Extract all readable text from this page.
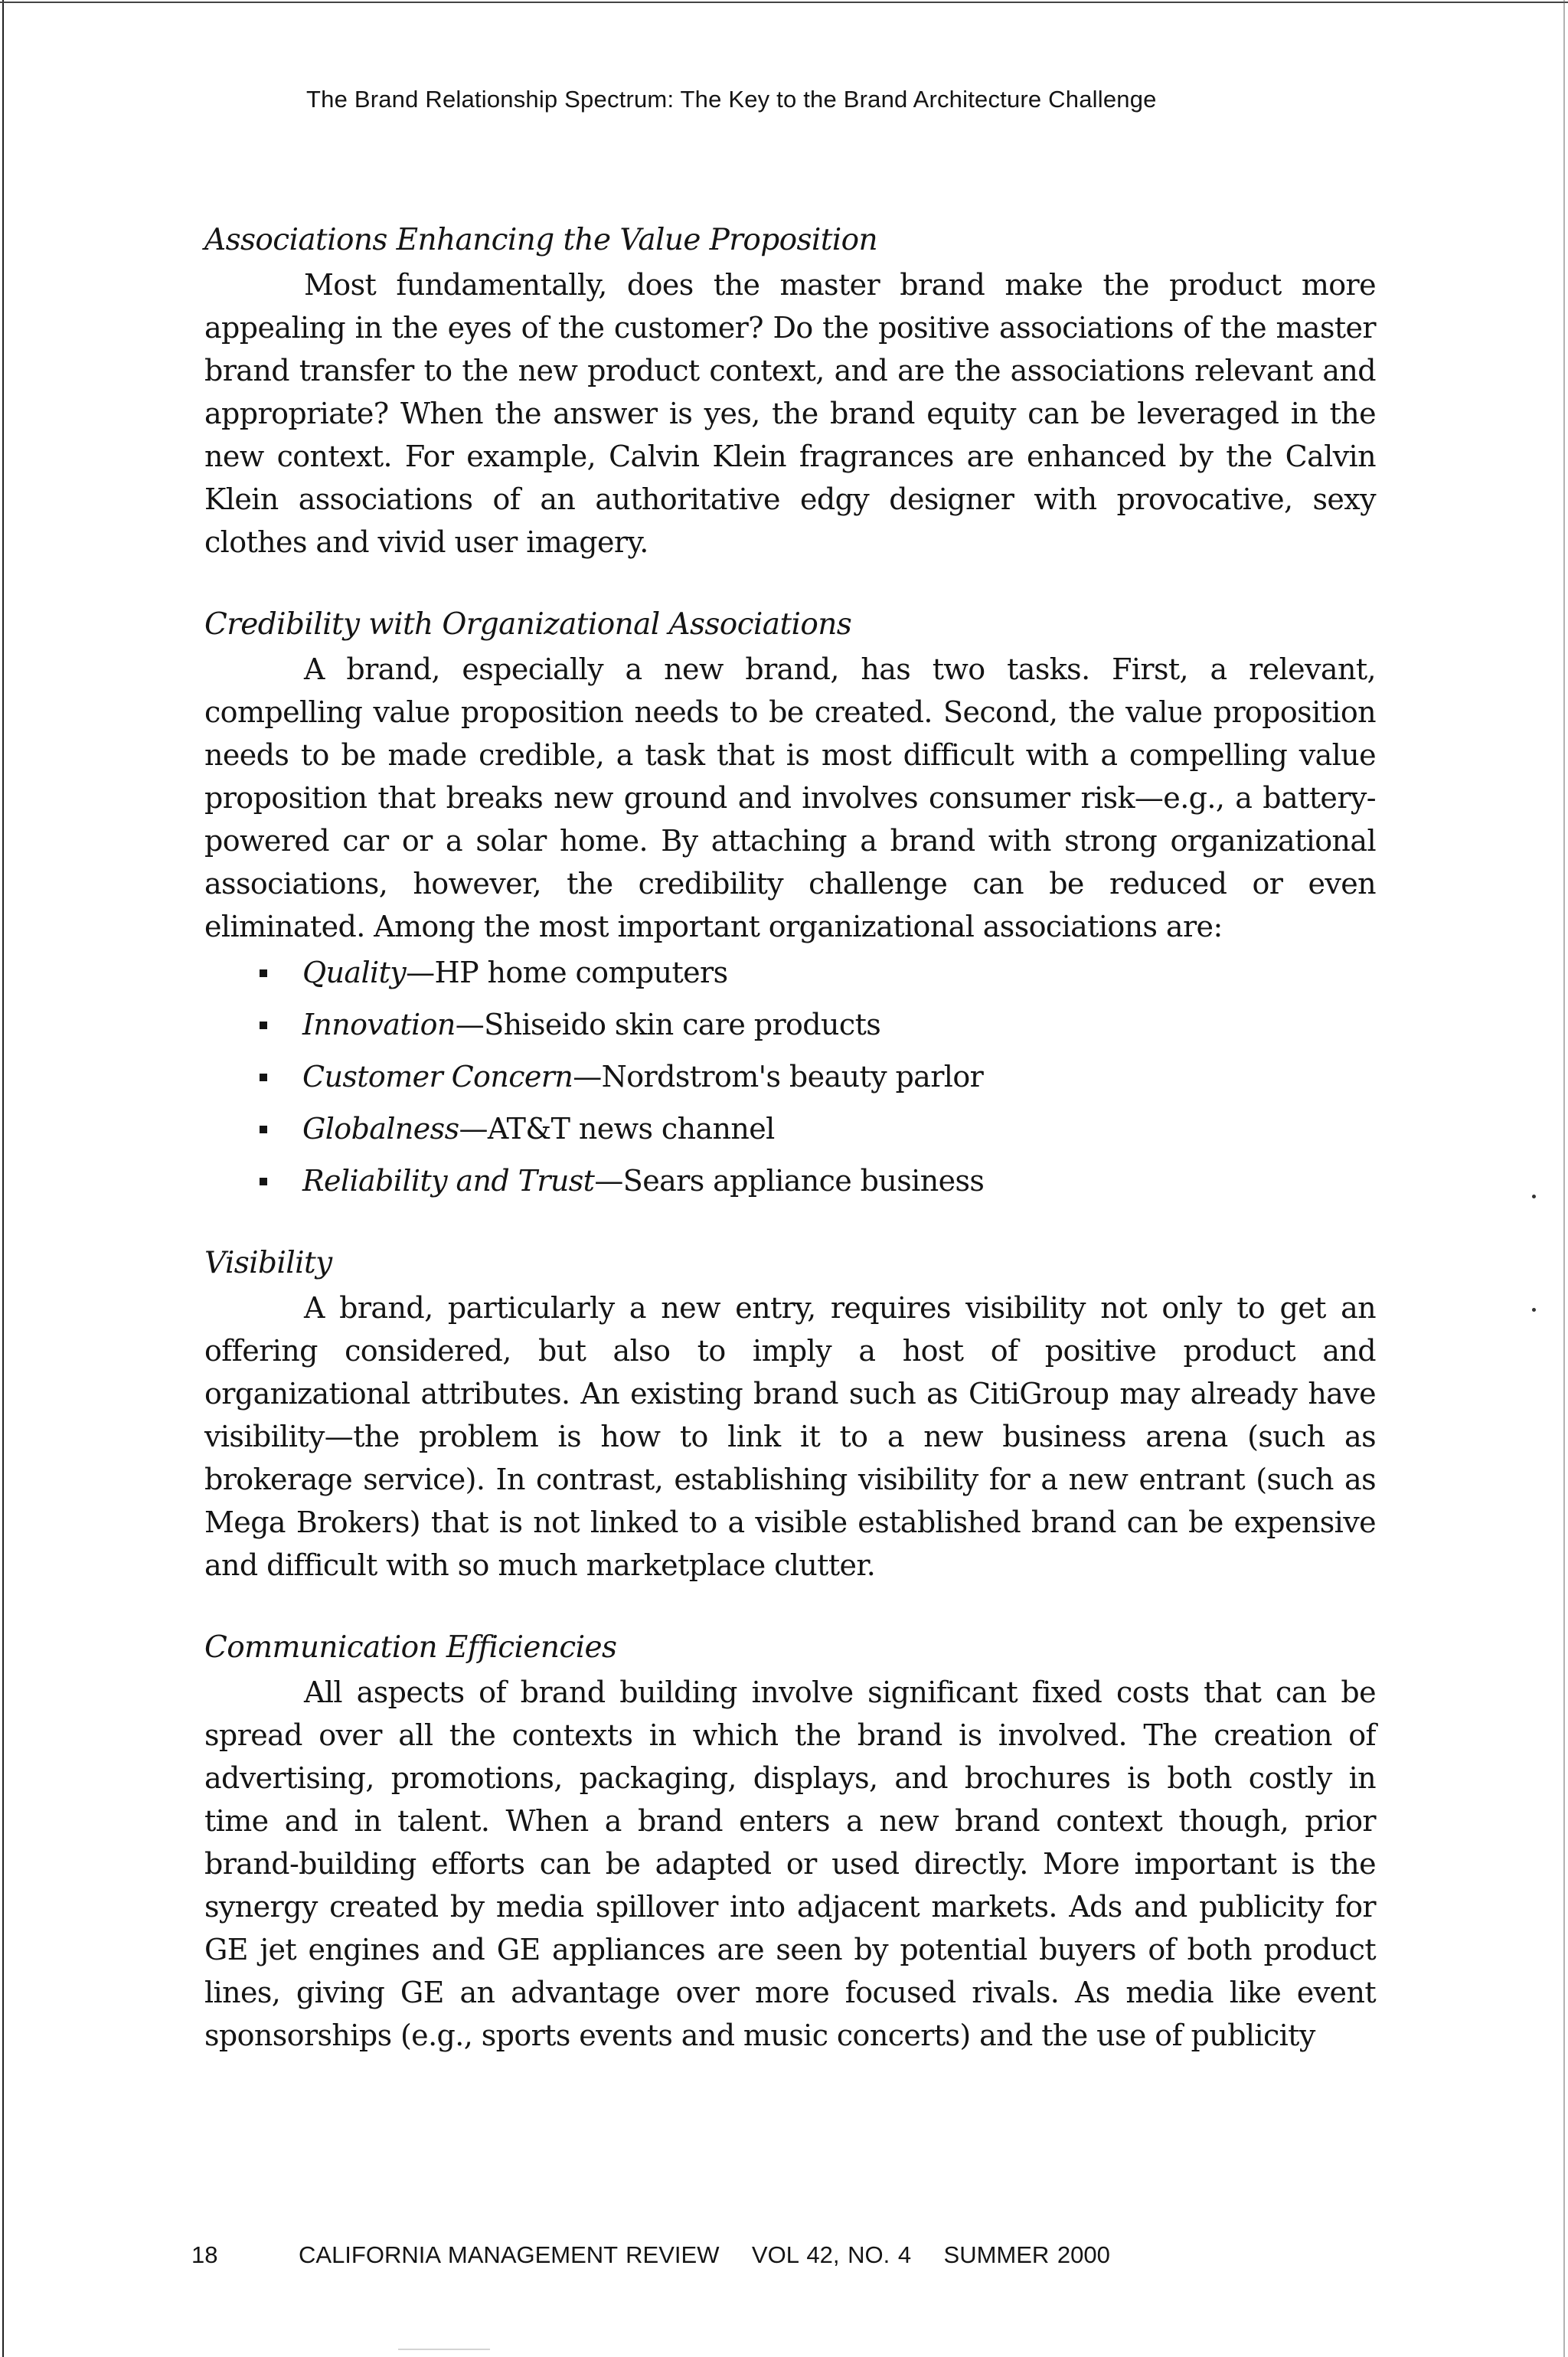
The Brand Relationship Spectrum: The Key to the Brand Architecture Challenge
Associations Enhancing the Value Proposition

Most fundamentally, does the master brand make the product more appealing in the eyes of the customer? Do the positive associations of the master brand transfer to the new product context, and are the associations relevant and appropriate? When the answer is yes, the brand equity can be leveraged in the new context. For example, Calvin Klein fragrances are enhanced by the Calvin Klein associations of an authoritative edgy designer with provocative, sexy clothes and vivid user imagery.

Credibility with Organizational Associations

A brand, especially a new brand, has two tasks. First, a relevant, compelling value proposition needs to be created. Second, the value proposition needs to be made credible, a task that is most difficult with a compelling value proposition that breaks new ground and involves consumer risk—e.g., a battery-powered car or a solar home. By attaching a brand with strong organizational associations, however, the credibility challenge can be reduced or even eliminated. Among the most important organizational associations are:

Quality—HP home computers
Innovation—Shiseido skin care products
Customer Concern—Nordstrom's beauty parlor
Globalness—AT&T news channel
Reliability and Trust—Sears appliance business
Visibility

A brand, particularly a new entry, requires visibility not only to get an offering considered, but also to imply a host of positive product and organizational attributes. An existing brand such as CitiGroup may already have visibility—the problem is how to link it to a new business arena (such as brokerage service). In contrast, establishing visibility for a new entrant (such as Mega Brokers) that is not linked to a visible established brand can be expensive and difficult with so much marketplace clutter.

Communication Efficiencies

All aspects of brand building involve significant fixed costs that can be spread over all the contexts in which the brand is involved. The creation of advertising, promotions, packaging, displays, and brochures is both costly in time and in talent. When a brand enters a new brand context though, prior brand-building efforts can be adapted or used directly. More important is the synergy created by media spillover into adjacent markets. Ads and publicity for GE jet engines and GE appliances are seen by potential buyers of both product lines, giving GE an advantage over more focused rivals. As media like event sponsorships (e.g., sports events and music concerts) and the use of publicity

18	CALIFORNIA MANAGEMENT REVIEW VOL 42, NO. 4 SUMMER 2000
